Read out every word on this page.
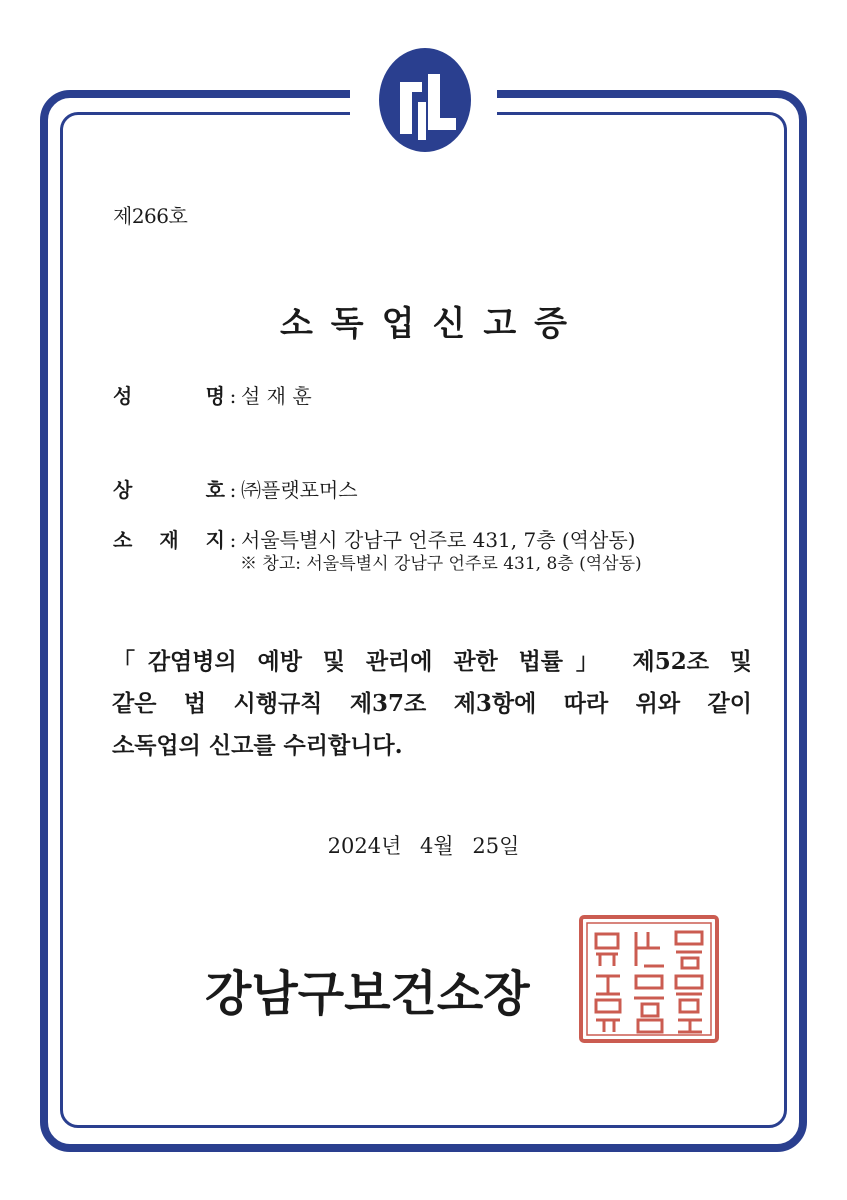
제266호
소독업신고증
성	명 : 설 재 훈
상	호 : ㈜플랫포머스
소 재 지 : 서울특별시 강남구 언주로 431, 7층 (역삼동)
※ 창고: 서울특별시 강남구 언주로 431, 8층 (역삼동)
「감염병의 예방 및 관리에 관한 법률」 제52조 및
같은 법 시행규칙 제37조 제3항에 따라 위와 같이
소독업의 신고를 수리합니다.
2024년 4월 25일
강남구보건소장
